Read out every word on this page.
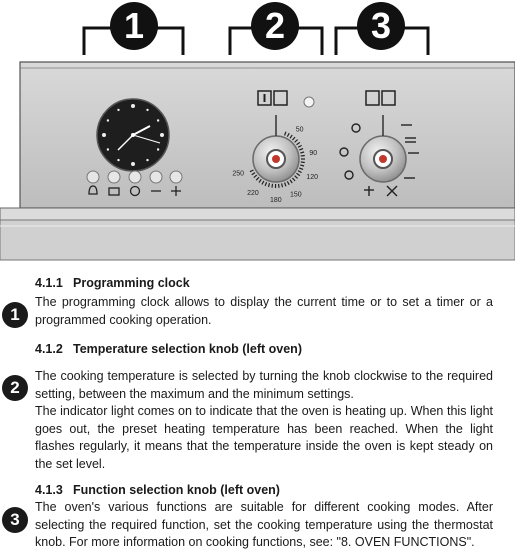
50
90
120
150
180
220
250
1	2	3
4.1.1 Programming clock
1
The programming clock allows to display the current time or to set a timer or a programmed cooking operation.
4.1.2 Temperature selection knob (left oven)
2
The cooking temperature is selected by turning the knob clockwise to the required setting, between the maximum and the minimum settings.
The indicator light comes on to indicate that the oven is heating up. When this light goes out, the preset heating temperature has been reached. When the light flashes regularly, it means that the temperature inside the oven is kept steady on the set level.
4.1.3 Function selection knob (left oven)
3
The oven's various functions are suitable for different cooking modes. After selecting the required function, set the cooking temperature using the thermostat knob. For more information on cooking functions, see: "8. OVEN FUNCTIONS".
